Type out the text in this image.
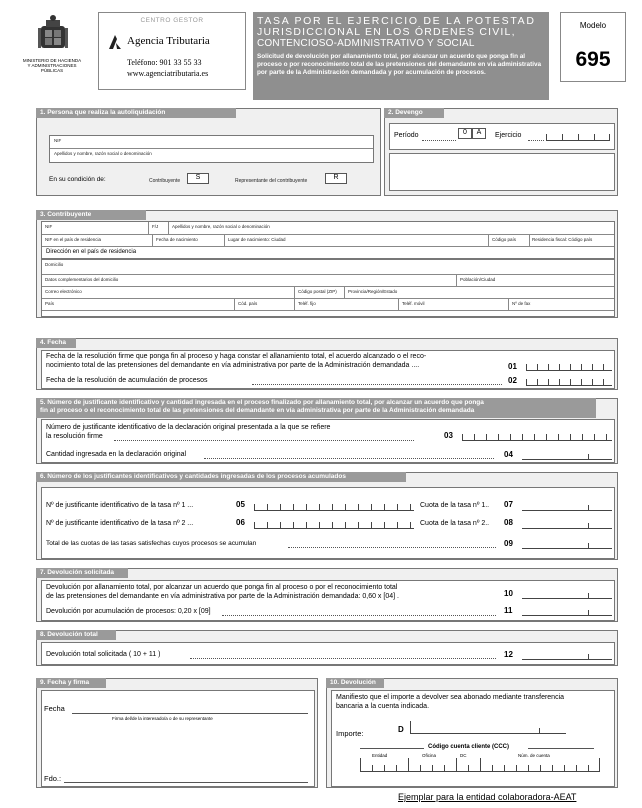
MINISTERIO DE HACIENDA
Y ADMINISTRACIONES
PÚBLICAS
CENTRO GESTOR
Agencia Tributaria
Teléfono: 901 33 55 33
www.agenciatributaria.es
TASA POR EL EJERCICIO DE LA POTESTAD
JURISDICCIONAL EN LOS ÓRDENES CIVIL,
CONTENCIOSO-ADMINISTRATIVO Y SOCIAL
Solicitud de devolución por allanamiento total, por alcanzar un acuerdo que ponga fin al proceso o por reconocimiento total de las pretensiones del demandante en vía administrativa por parte de la Administración demandada y por acumulación de procesos.
Modelo
695
1. Persona que realiza la autoliquidación
NIF
Apellidos y nombre, razón social o denominación
En su condición de:	Contribuyente	S	Representante del contribuyente	R
2. Devengo
Período	0	A	Ejercicio
3. Contribuyente
NIF	F/J	Apellidos y nombre, razón social o denominación
NIF en el país de residencia	Fecha de nacimiento	Lugar de nacimiento: Ciudad	Código país	Residencia fiscal: Código país
Dirección en el país de residencia
Domicilio
Datos complementarios del domicilio	Población/Ciudad
Correo electrónico	Código postal (ZIP) Provincia/Región/Estado
País	Cód. país	Teléf. fijo	Teléf. móvil	Nº de fax
4. Fecha
Fecha de la resolución firme que ponga fin al proceso y haga constar el allanamiento total, el acuerdo alcanzado o el reco-
nocimiento total de las pretensiones del demandante en vía administrativa por parte de la Administración demandada ....	01
Fecha de la resolución de acumulación de procesos	02
5. Número de justificante identificativo y cantidad ingresada en el proceso finalizado por allanamiento total, por alcanzar un acuerdo que ponga
fin al proceso o el reconocimiento total de las pretensiones del demandante en vía administrativa por parte de la Administración demandada
Número de justificante identificativo de la declaración original presentada a la que se refiere
la resolución firme	03
Cantidad ingresada en la declaración original	04
6. Número de los justificantes identificativos y cantidades ingresadas de los procesos acumulados
Nº de justificante identificativo de la tasa nº 1 ...	05	Cuota de la tasa nº 1.. 07
Nº de justificante identificativo de la tasa nº 2 ...	06	Cuota de la tasa nº 2.. 08
Total de las cuotas de las tasas satisfechas cuyos procesos se acumulan	09
7. Devolución solicitada
Devolución por allanamiento total, por alcanzar un acuerdo que ponga fin al proceso o por el reconocimiento total
de las pretensiones del demandante en vía administrativa por parte de la Administración demandada: 0,60 x [04] .	10
Devolución por acumulación de procesos: 0,20 x [09]	11
8. Devolución total
Devolución total solicitada ( 10 + 11 )	12
9. Fecha y firma
Fecha
Firma del/de la interesado/a o de su representante
Fdo.:
10. Devolución
Manifiesto que el importe a devolver sea abonado mediante transferencia
bancaria a la cuenta indicada.
Importe:	D
Código cuenta cliente (CCC)
Entidad	Oficina	DC	Núm. de cuenta
Ejemplar para la entidad colaboradora-AEAT
